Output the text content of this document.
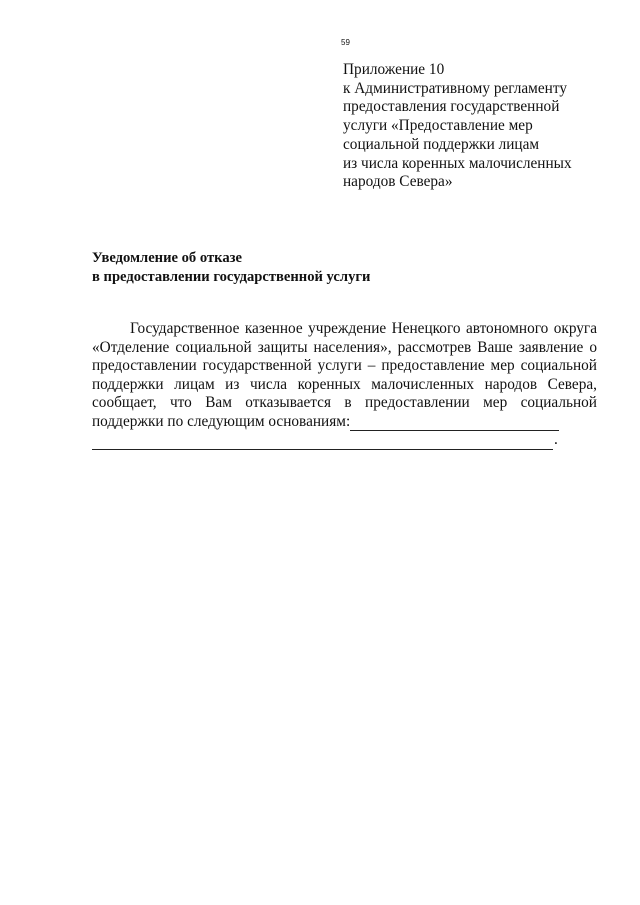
59
Приложение 10
к Административному регламенту
предоставления государственной
услуги «Предоставление мер
социальной поддержки лицам
из числа коренных малочисленных
народов Севера»
Уведомление об отказе
в предоставлении государственной услуги
Государственное казенное учреждение Ненецкого автономного округа
«Отделение социальной защиты населения», рассмотрев Ваше заявление о
предоставлении государственной услуги – предоставление мер социальной
поддержки лицам из числа коренных малочисленных народов Севера,
сообщает, что Вам отказывается в предоставлении мер социальной
поддержки по следующим основаниям:
.
